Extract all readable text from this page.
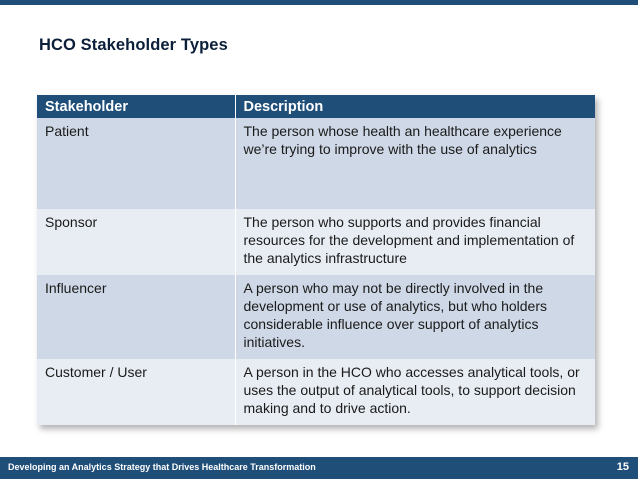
HCO Stakeholder Types
Stakeholder	Description
Patient	The person whose health an healthcare experience we’re trying to improve with the use of analytics
Sponsor	The person who supports and provides financial resources for the development and implementation of the analytics infrastructure
Influencer	A person who may not be directly involved in the development or use of analytics, but who holders considerable influence over support of analytics initiatives.
Customer / User	A person in the HCO who accesses analytical tools, or uses the output of analytical tools, to support decision making and to drive action.
Developing an Analytics Strategy that Drives Healthcare Transformation	15
